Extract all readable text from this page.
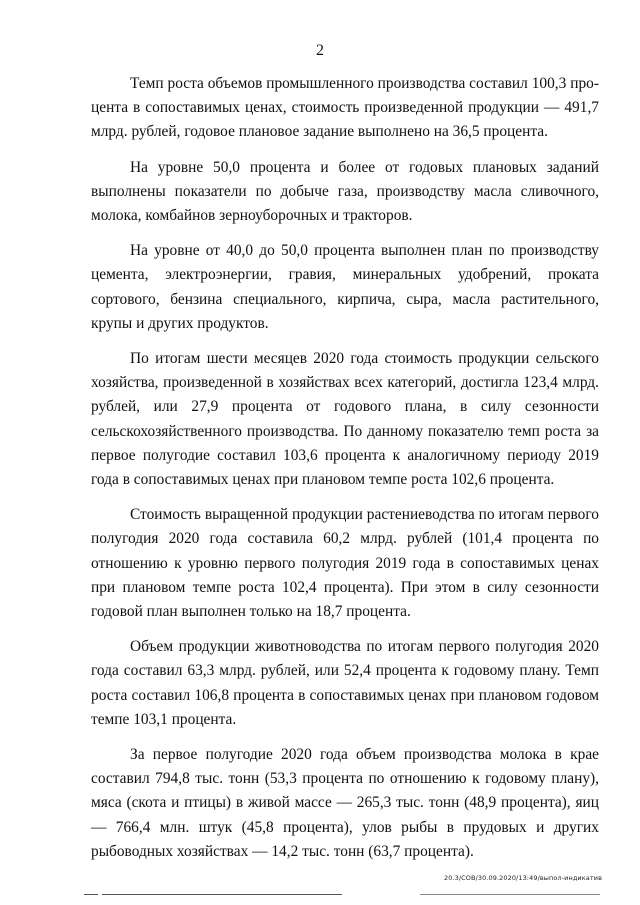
2

Темп роста объемов промышленного производства составил 100,3 процента в сопоставимых ценах, стоимость произведенной продукции — 491,7 млрд. рублей, годовое плановое задание выполнено на 36,5 процента.

На уровне 50,0 процента и более от годовых плановых заданий выполнены показатели по добыче газа, производству масла сливочного, молока, комбайнов зерноуборочных и тракторов.

На уровне от 40,0 до 50,0 процента выполнен план по производству цемента, электроэнергии, гравия, минеральных удобрений, проката сортового, бензина специального, кирпича, сыра, масла растительного, крупы и других продуктов.

По итогам шести месяцев 2020 года стоимость продукции сельского хозяйства, произведенной в хозяйствах всех категорий, достигла 123,4 млрд. рублей, или 27,9 процента от годового плана, в силу сезонности сельскохозяйственного производства. По данному показателю темп роста за первое полугодие составил 103,6 процента к аналогичному периоду 2019 года в сопоставимых ценах при плановом темпе роста 102,6 процента.

Стоимость выращенной продукции растениеводства по итогам первого полугодия 2020 года составила 60,2 млрд. рублей (101,4 процента по отношению к уровню первого полугодия 2019 года в сопоставимых ценах при плановом темпе роста 102,4 процента). При этом в силу сезонности годовой план выполнен только на 18,7 процента.

Объем продукции животноводства по итогам первого полугодия 2020 года составил 63,3 млрд. рублей, или 52,4 процента к годовому плану. Темп роста составил 106,8 процента в сопоставимых ценах при плановом годовом темпе 103,1 процента.

За первое полугодие 2020 года объем производства молока в крае составил 794,8 тыс. тонн (53,3 процента по отношению к годовому плану), мяса (скота и птицы) в живой массе — 265,3 тыс. тонн (48,9 процента), яиц — 766,4 млн. штук (45,8 процента), улов рыбы в прудовых и других рыбоводных хозяйствах — 14,2 тыс. тонн (63,7 процента).

20.3/СОВ/30.09.2020/13:49/выпол-индикатив
